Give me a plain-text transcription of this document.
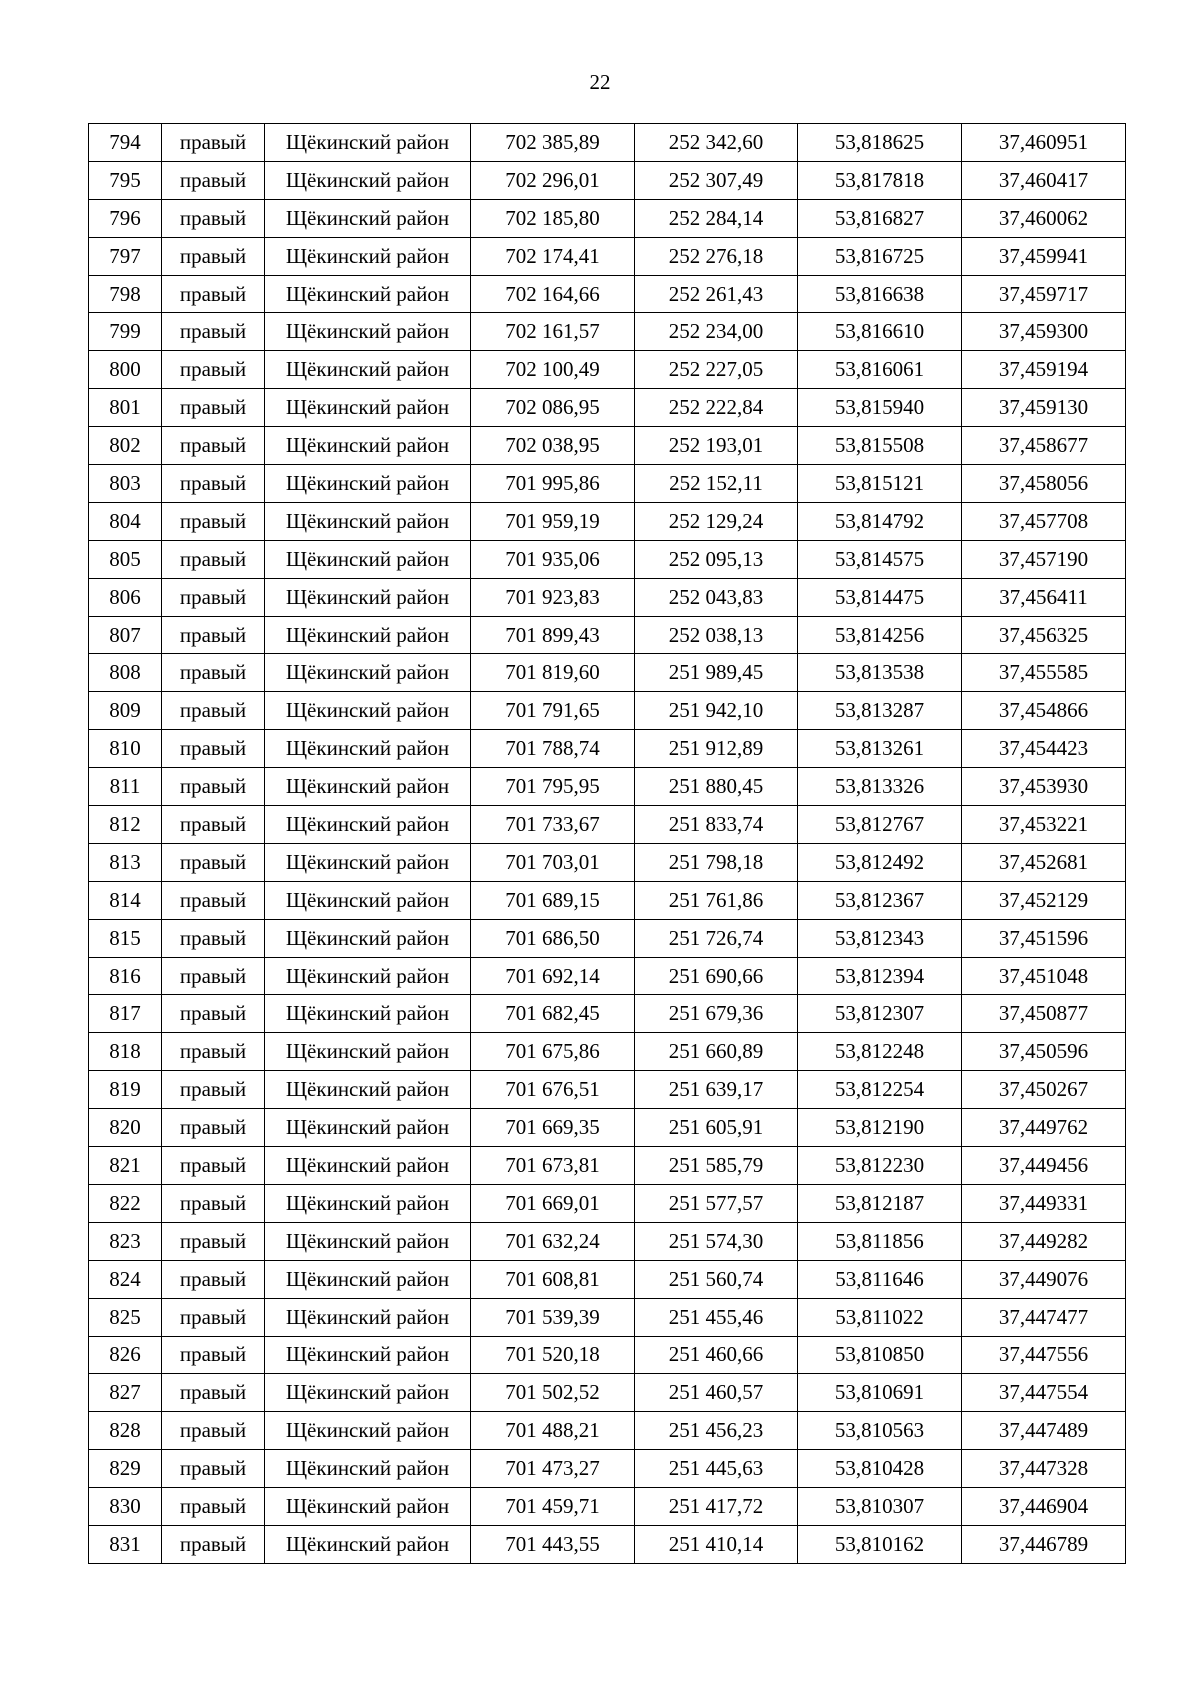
22
794	правый	Щёкинский район	702 385,89	252 342,60	53,818625	37,460951
795	правый	Щёкинский район	702 296,01	252 307,49	53,817818	37,460417
796	правый	Щёкинский район	702 185,80	252 284,14	53,816827	37,460062
797	правый	Щёкинский район	702 174,41	252 276,18	53,816725	37,459941
798	правый	Щёкинский район	702 164,66	252 261,43	53,816638	37,459717
799	правый	Щёкинский район	702 161,57	252 234,00	53,816610	37,459300
800	правый	Щёкинский район	702 100,49	252 227,05	53,816061	37,459194
801	правый	Щёкинский район	702 086,95	252 222,84	53,815940	37,459130
802	правый	Щёкинский район	702 038,95	252 193,01	53,815508	37,458677
803	правый	Щёкинский район	701 995,86	252 152,11	53,815121	37,458056
804	правый	Щёкинский район	701 959,19	252 129,24	53,814792	37,457708
805	правый	Щёкинский район	701 935,06	252 095,13	53,814575	37,457190
806	правый	Щёкинский район	701 923,83	252 043,83	53,814475	37,456411
807	правый	Щёкинский район	701 899,43	252 038,13	53,814256	37,456325
808	правый	Щёкинский район	701 819,60	251 989,45	53,813538	37,455585
809	правый	Щёкинский район	701 791,65	251 942,10	53,813287	37,454866
810	правый	Щёкинский район	701 788,74	251 912,89	53,813261	37,454423
811	правый	Щёкинский район	701 795,95	251 880,45	53,813326	37,453930
812	правый	Щёкинский район	701 733,67	251 833,74	53,812767	37,453221
813	правый	Щёкинский район	701 703,01	251 798,18	53,812492	37,452681
814	правый	Щёкинский район	701 689,15	251 761,86	53,812367	37,452129
815	правый	Щёкинский район	701 686,50	251 726,74	53,812343	37,451596
816	правый	Щёкинский район	701 692,14	251 690,66	53,812394	37,451048
817	правый	Щёкинский район	701 682,45	251 679,36	53,812307	37,450877
818	правый	Щёкинский район	701 675,86	251 660,89	53,812248	37,450596
819	правый	Щёкинский район	701 676,51	251 639,17	53,812254	37,450267
820	правый	Щёкинский район	701 669,35	251 605,91	53,812190	37,449762
821	правый	Щёкинский район	701 673,81	251 585,79	53,812230	37,449456
822	правый	Щёкинский район	701 669,01	251 577,57	53,812187	37,449331
823	правый	Щёкинский район	701 632,24	251 574,30	53,811856	37,449282
824	правый	Щёкинский район	701 608,81	251 560,74	53,811646	37,449076
825	правый	Щёкинский район	701 539,39	251 455,46	53,811022	37,447477
826	правый	Щёкинский район	701 520,18	251 460,66	53,810850	37,447556
827	правый	Щёкинский район	701 502,52	251 460,57	53,810691	37,447554
828	правый	Щёкинский район	701 488,21	251 456,23	53,810563	37,447489
829	правый	Щёкинский район	701 473,27	251 445,63	53,810428	37,447328
830	правый	Щёкинский район	701 459,71	251 417,72	53,810307	37,446904
831	правый	Щёкинский район	701 443,55	251 410,14	53,810162	37,446789
